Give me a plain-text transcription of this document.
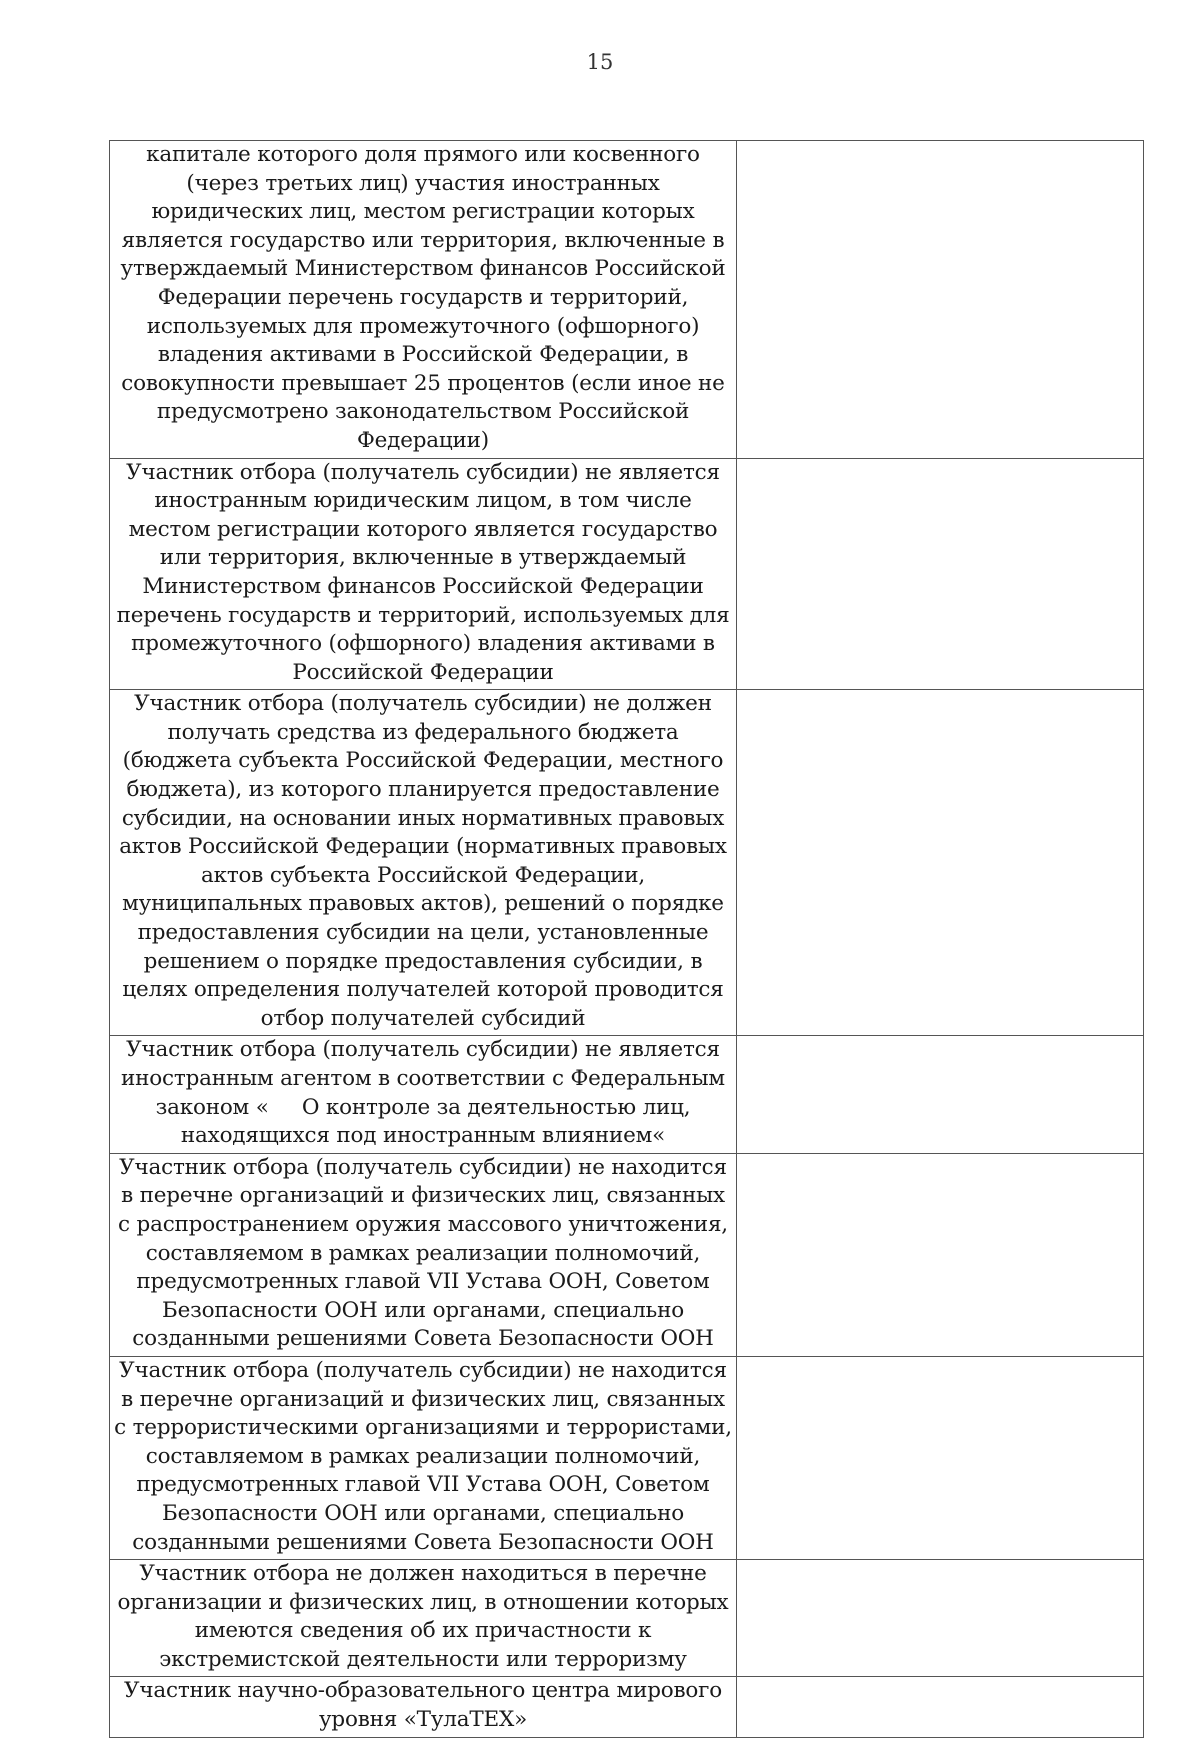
15
капитале которого доля прямого или косвенного (через третьих лиц) участия иностранных юридических лиц, местом регистрации которых является государство или территория, включенные в утверждаемый Министерством финансов Российской Федерации перечень государств и территорий, используемых для промежуточного (офшорного) владения активами в Российской Федерации, в совокупности превышает 25 процентов (если иное не предусмотрено законодательством Российской Федерации)	
Участник отбора (получатель субсидии) не является иностранным юридическим лицом, в том числе местом регистрации которого является государство или территория, включенные в утверждаемый Министерством финансов Российской Федерации перечень государств и территорий, используемых для промежуточного (офшорного) владения активами в Российской Федерации	
Участник отбора (получатель субсидии) не должен получать средства из федерального бюджета (бюджета субъекта Российской Федерации, местного бюджета), из которого планируется предоставление субсидии, на основании иных нормативных правовых актов Российской Федерации (нормативных правовых актов субъекта Российской Федерации, муниципальных правовых актов), решений о порядке предоставления субсидии на цели, установленные решением о порядке предоставления субсидии, в целях определения получателей которой проводится отбор получателей субсидий	
Участник отбора (получатель субсидии) не является иностранным агентом в соответствии с Федеральным законом «     О контроле за деятельностью лиц, находящихся под иностранным влиянием«	
Участник отбора (получатель субсидии) не находится в перечне организаций и физических лиц, связанных с распространением оружия массового уничтожения, составляемом в рамках реализации полномочий, предусмотренных главой VII Устава ООН, Советом Безопасности ООН или органами, специально созданными решениями Совета Безопасности ООН	
Участник отбора (получатель субсидии) не находится в перечне организаций и физических лиц, связанных с террористическими организациями и террористами, составляемом в рамках реализации полномочий, предусмотренных главой VII Устава ООН, Советом Безопасности ООН или органами, специально созданными решениями Совета Безопасности ООН	
Участник отбора не должен находиться в перечне организации и физических лиц, в отношении которых имеются сведения об их причастности к экстремистской деятельности или терроризму	
Участник научно-образовательного центра мирового уровня «ТулаТЕХ»	
